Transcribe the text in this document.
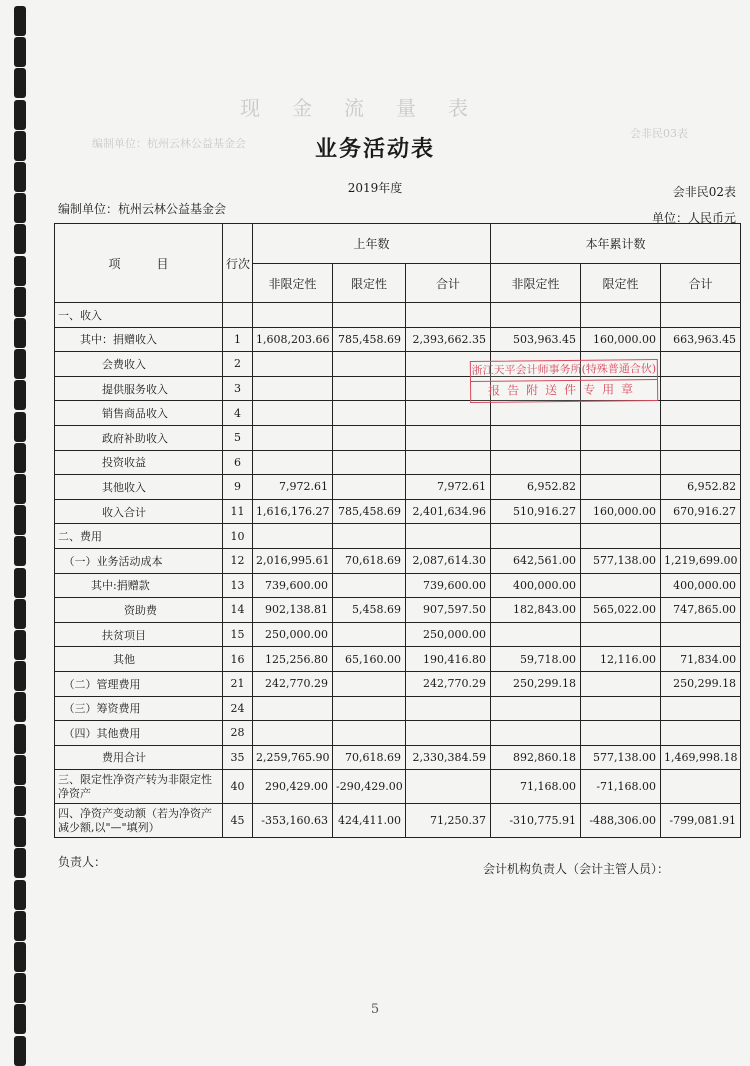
现　金　流　量　表
编制单位：杭州云林公益基金会
会非民03表
业务活动表
2019年度	会非民02表
编制单位：杭州云林公益基金会
单位：人民币元
项　　　目	行次	上年数			本年累计数		
		非限定性	限定性	合计	非限定性	限定性	合计
一、收入							
　　其中：捐赠收入	1	1,608,203.66	785,458.69	2,393,662.35	503,963.45	160,000.00	663,963.45
　　　　会费收入	2						
　　　　提供服务收入	3						
　　　　销售商品收入	4						
　　　　政府补助收入	5						
　　　　投资收益	6						
　　　　其他收入	9	7,972.61		7,972.61	6,952.82		6,952.82
　　　　收入合计	11	1,616,176.27	785,458.69	2,401,634.96	510,916.27	160,000.00	670,916.27
二、费用	10						
　（一）业务活动成本	12	2,016,995.61	70,618.69	2,087,614.30	642,561.00	577,138.00	1,219,699.00
　　　其中:捐赠款	13	739,600.00		739,600.00	400,000.00		400,000.00
　　　　　　资助费	14	902,138.81	5,458.69	907,597.50	182,843.00	565,022.00	747,865.00
　　　　扶贫项目	15	250,000.00		250,000.00			
　　　　　其他	16	125,256.80	65,160.00	190,416.80	59,718.00	12,116.00	71,834.00
　（二）管理费用	21	242,770.29		242,770.29	250,299.18		250,299.18
　（三）筹资费用	24						
　（四）其他费用	28						
　　　　费用合计	35	2,259,765.90	70,618.69	2,330,384.59	892,860.18	577,138.00	1,469,998.18
三、限定性净资产转为非限定性净资产	40	290,429.00	-290,429.00		71,168.00	-71,168.00	
四、净资产变动额（若为净资产减少额,以"—"填列）	45	-353,160.63	424,411.00	71,250.37	-310,775.91	-488,306.00	-799,081.91
浙江天平会计师事务所(特殊普通合伙)
报告附送件专用章
负责人：	会计机构负责人（会计主管人员）：
5
